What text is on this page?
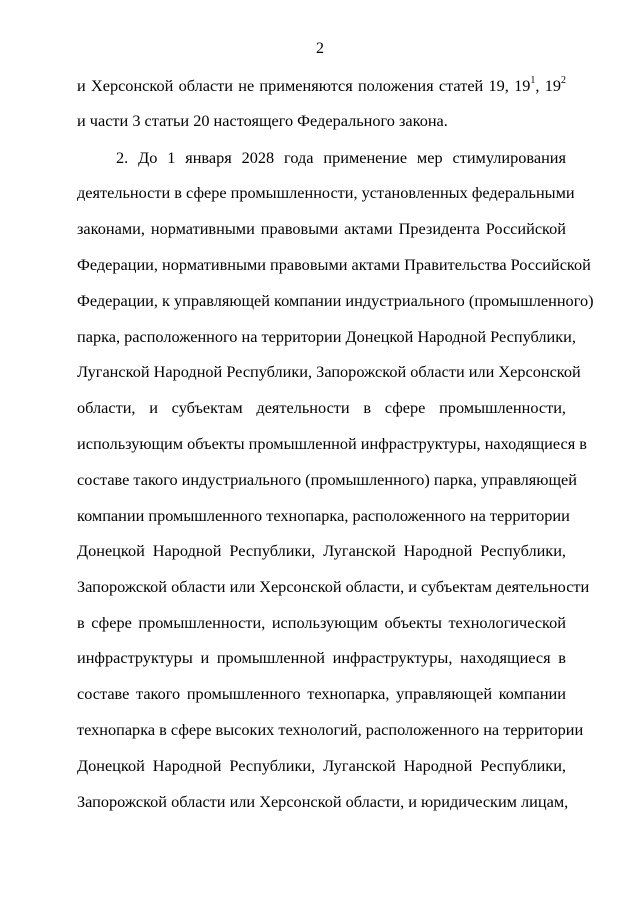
2
и Херсонской области не применяются положения статей 19, $19^1$, $19^2$
и части 3 статьи 20 настоящего Федерального закона.
2. До 1 января 2028 года применение мер стимулирования
деятельности в сфере промышленности, установленных федеральными
законами, нормативными правовыми актами Президента Российской
Федерации, нормативными правовыми актами Правительства Российской
Федерации, к управляющей компании индустриального (промышленного)
парка, расположенного на территории Донецкой Народной Республики,
Луганской Народной Республики, Запорожской области или Херсонской
области, и субъектам деятельности в сфере промышленности,
использующим объекты промышленной инфраструктуры, находящиеся в
составе такого индустриального (промышленного) парка, управляющей
компании промышленного технопарка, расположенного на территории
Донецкой Народной Республики, Луганской Народной Республики,
Запорожской области или Херсонской области, и субъектам деятельности
в сфере промышленности, использующим объекты технологической
инфраструктуры и промышленной инфраструктуры, находящиеся в
составе такого промышленного технопарка, управляющей компании
технопарка в сфере высоких технологий, расположенного на территории
Донецкой Народной Республики, Луганской Народной Республики,
Запорожской области или Херсонской области, и юридическим лицам,
